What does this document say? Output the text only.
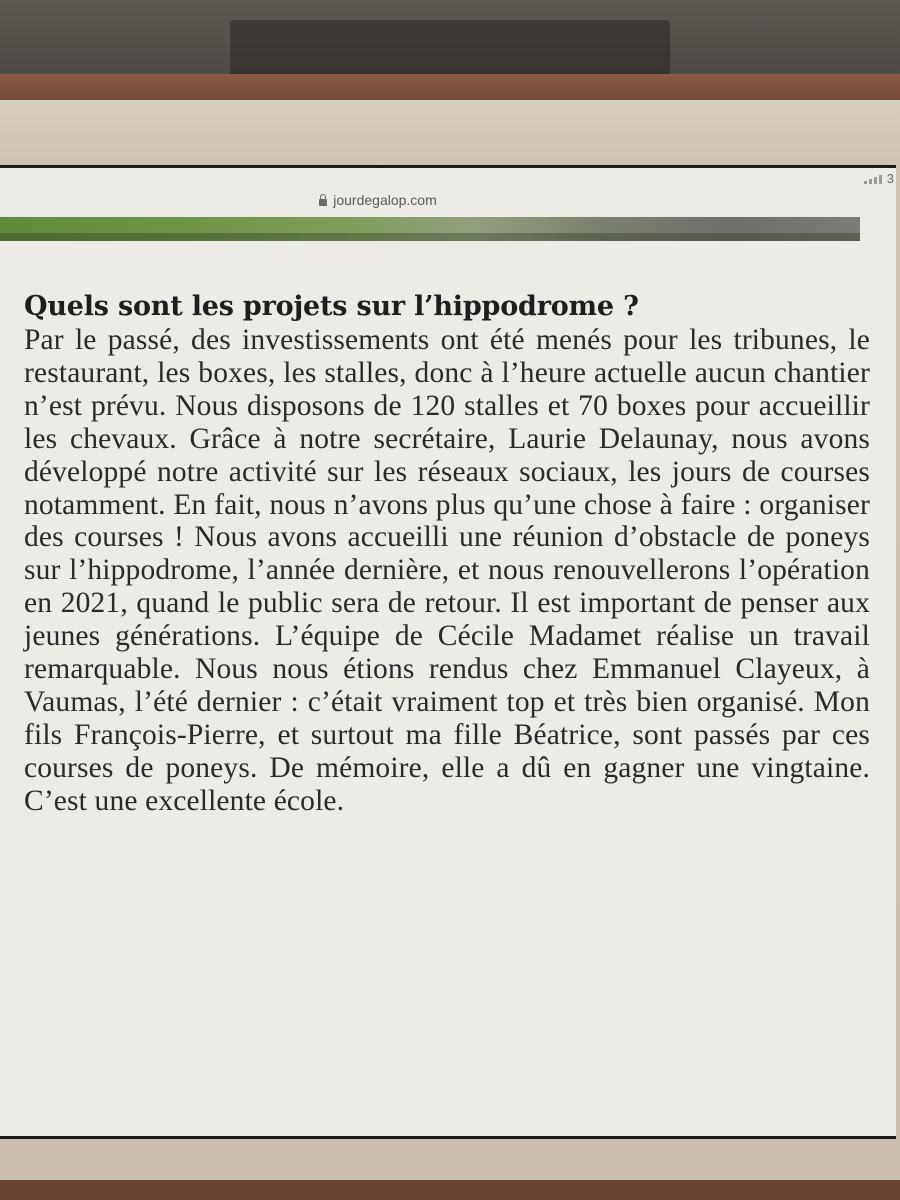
3
jourdegalop.com
Quels sont les projets sur l’hippodrome ?

Par le passé, des investissements ont été menés pour les tribunes, le restaurant, les boxes, les stalles, donc à l’heure actuelle aucun chantier n’est prévu. Nous disposons de 120 stalles et 70 boxes pour accueillir les chevaux. Grâce à notre secrétaire, Laurie Delaunay, nous avons développé notre activité sur les réseaux sociaux, les jours de courses notamment. En fait, nous n’avons plus qu’une chose à faire : organiser des courses ! Nous avons accueilli une réunion d’obstacle de poneys sur l’hippodrome, l’année dernière, et nous renouvellerons l’opération en 2021, quand le public sera de retour. Il est important de penser aux jeunes générations. L’équipe de Cécile Madamet réalise un travail remarquable. Nous nous étions rendus chez Emmanuel Clayeux, à Vaumas, l’été dernier : c’était vraiment top et très bien organisé. Mon fils François-Pierre, et surtout ma fille Béatrice, sont passés par ces courses de poneys. De mémoire, elle a dû en gagner une vingtaine. C’est une excellente école.
